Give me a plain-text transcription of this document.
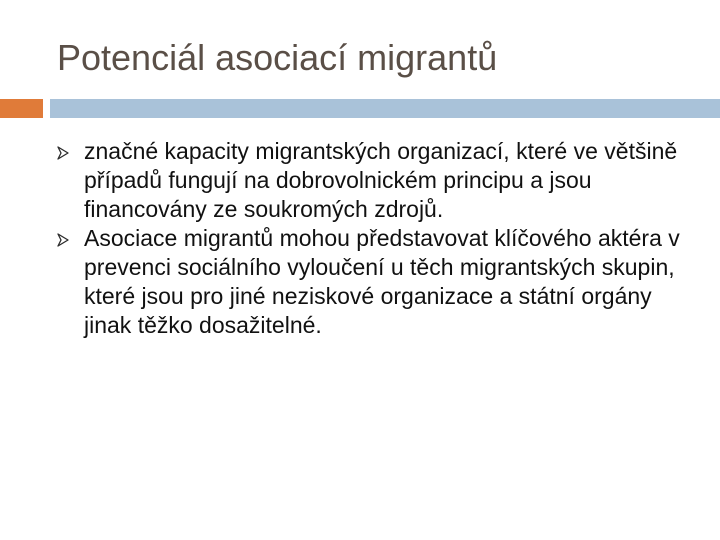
Potenciál asociací migrantů
značné kapacity migrantských organizací, které ve většině případů fungují na dobrovolnickém principu a jsou financovány ze soukromých zdrojů.
Asociace migrantů mohou představovat klíčového aktéra v prevenci sociálního vyloučení u těch migrantských skupin, které jsou pro jiné neziskové organizace a státní orgány jinak těžko dosažitelné.
